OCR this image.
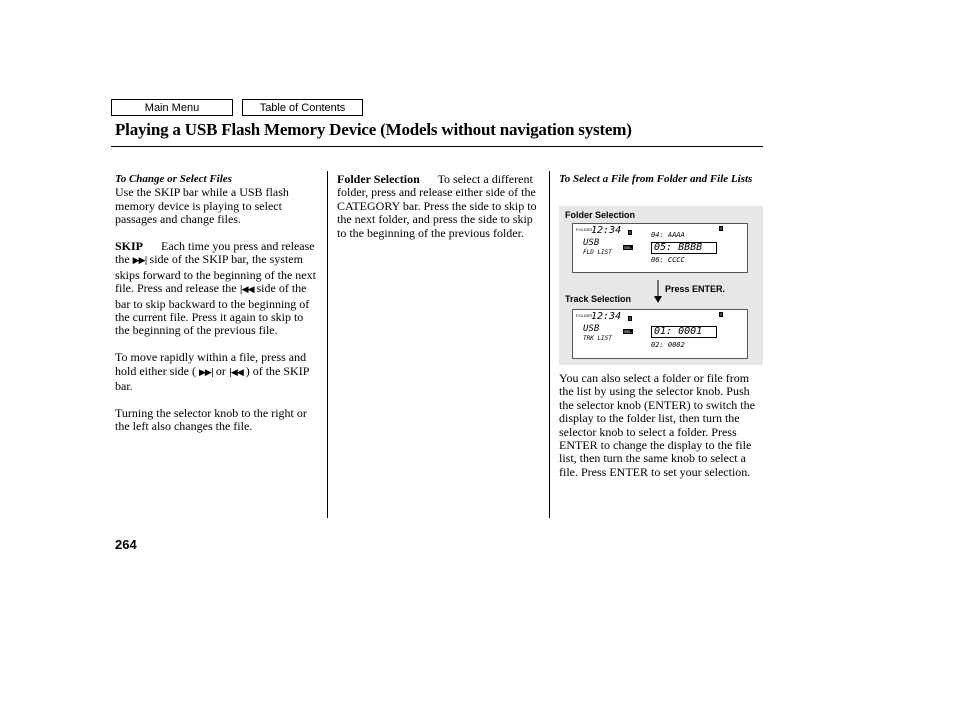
Main Menu	Table of Contents
Playing a USB Flash Memory Device (Models without navigation system)

To Change or Select Files

Use the SKIP bar while a USB flash memory device is playing to select passages and change files.

SKIP Each time you press and release the ▶▶| side of the SKIP bar, the system skips forward to the beginning of the next file. Press and release the |◀◀ side of the bar to skip backward to the beginning of the current file. Press it again to skip to the beginning of the previous file.

To move rapidly within a file, press and hold either side ( ▶▶| or |◀◀ ) of the SKIP bar.

Turning the selector knob to the right or the left also changes the file.

Folder Selection To select a different folder, press and release either side of the CATEGORY bar. Press the side to skip to the next folder, and press the side to skip to the beginning of the previous folder.

To Select a File from Folder and File Lists

Folder Selection
FOLDER
12:34
USB
FLD LIST
≡
SEL
≡
04: AAAA
05: BBBB
06: CCCC
Track Selection
Press ENTER.
FOLDER
12:34
USB
TRK LIST
≡
SEL
≡
01: 0001
02: 0002

You can also select a folder or file from the list by using the selector knob. Push the selector knob (ENTER) to switch the display to the folder list, then turn the selector knob to select a folder. Press ENTER to change the display to the file list, then turn the same knob to select a file. Press ENTER to set your selection.

264
